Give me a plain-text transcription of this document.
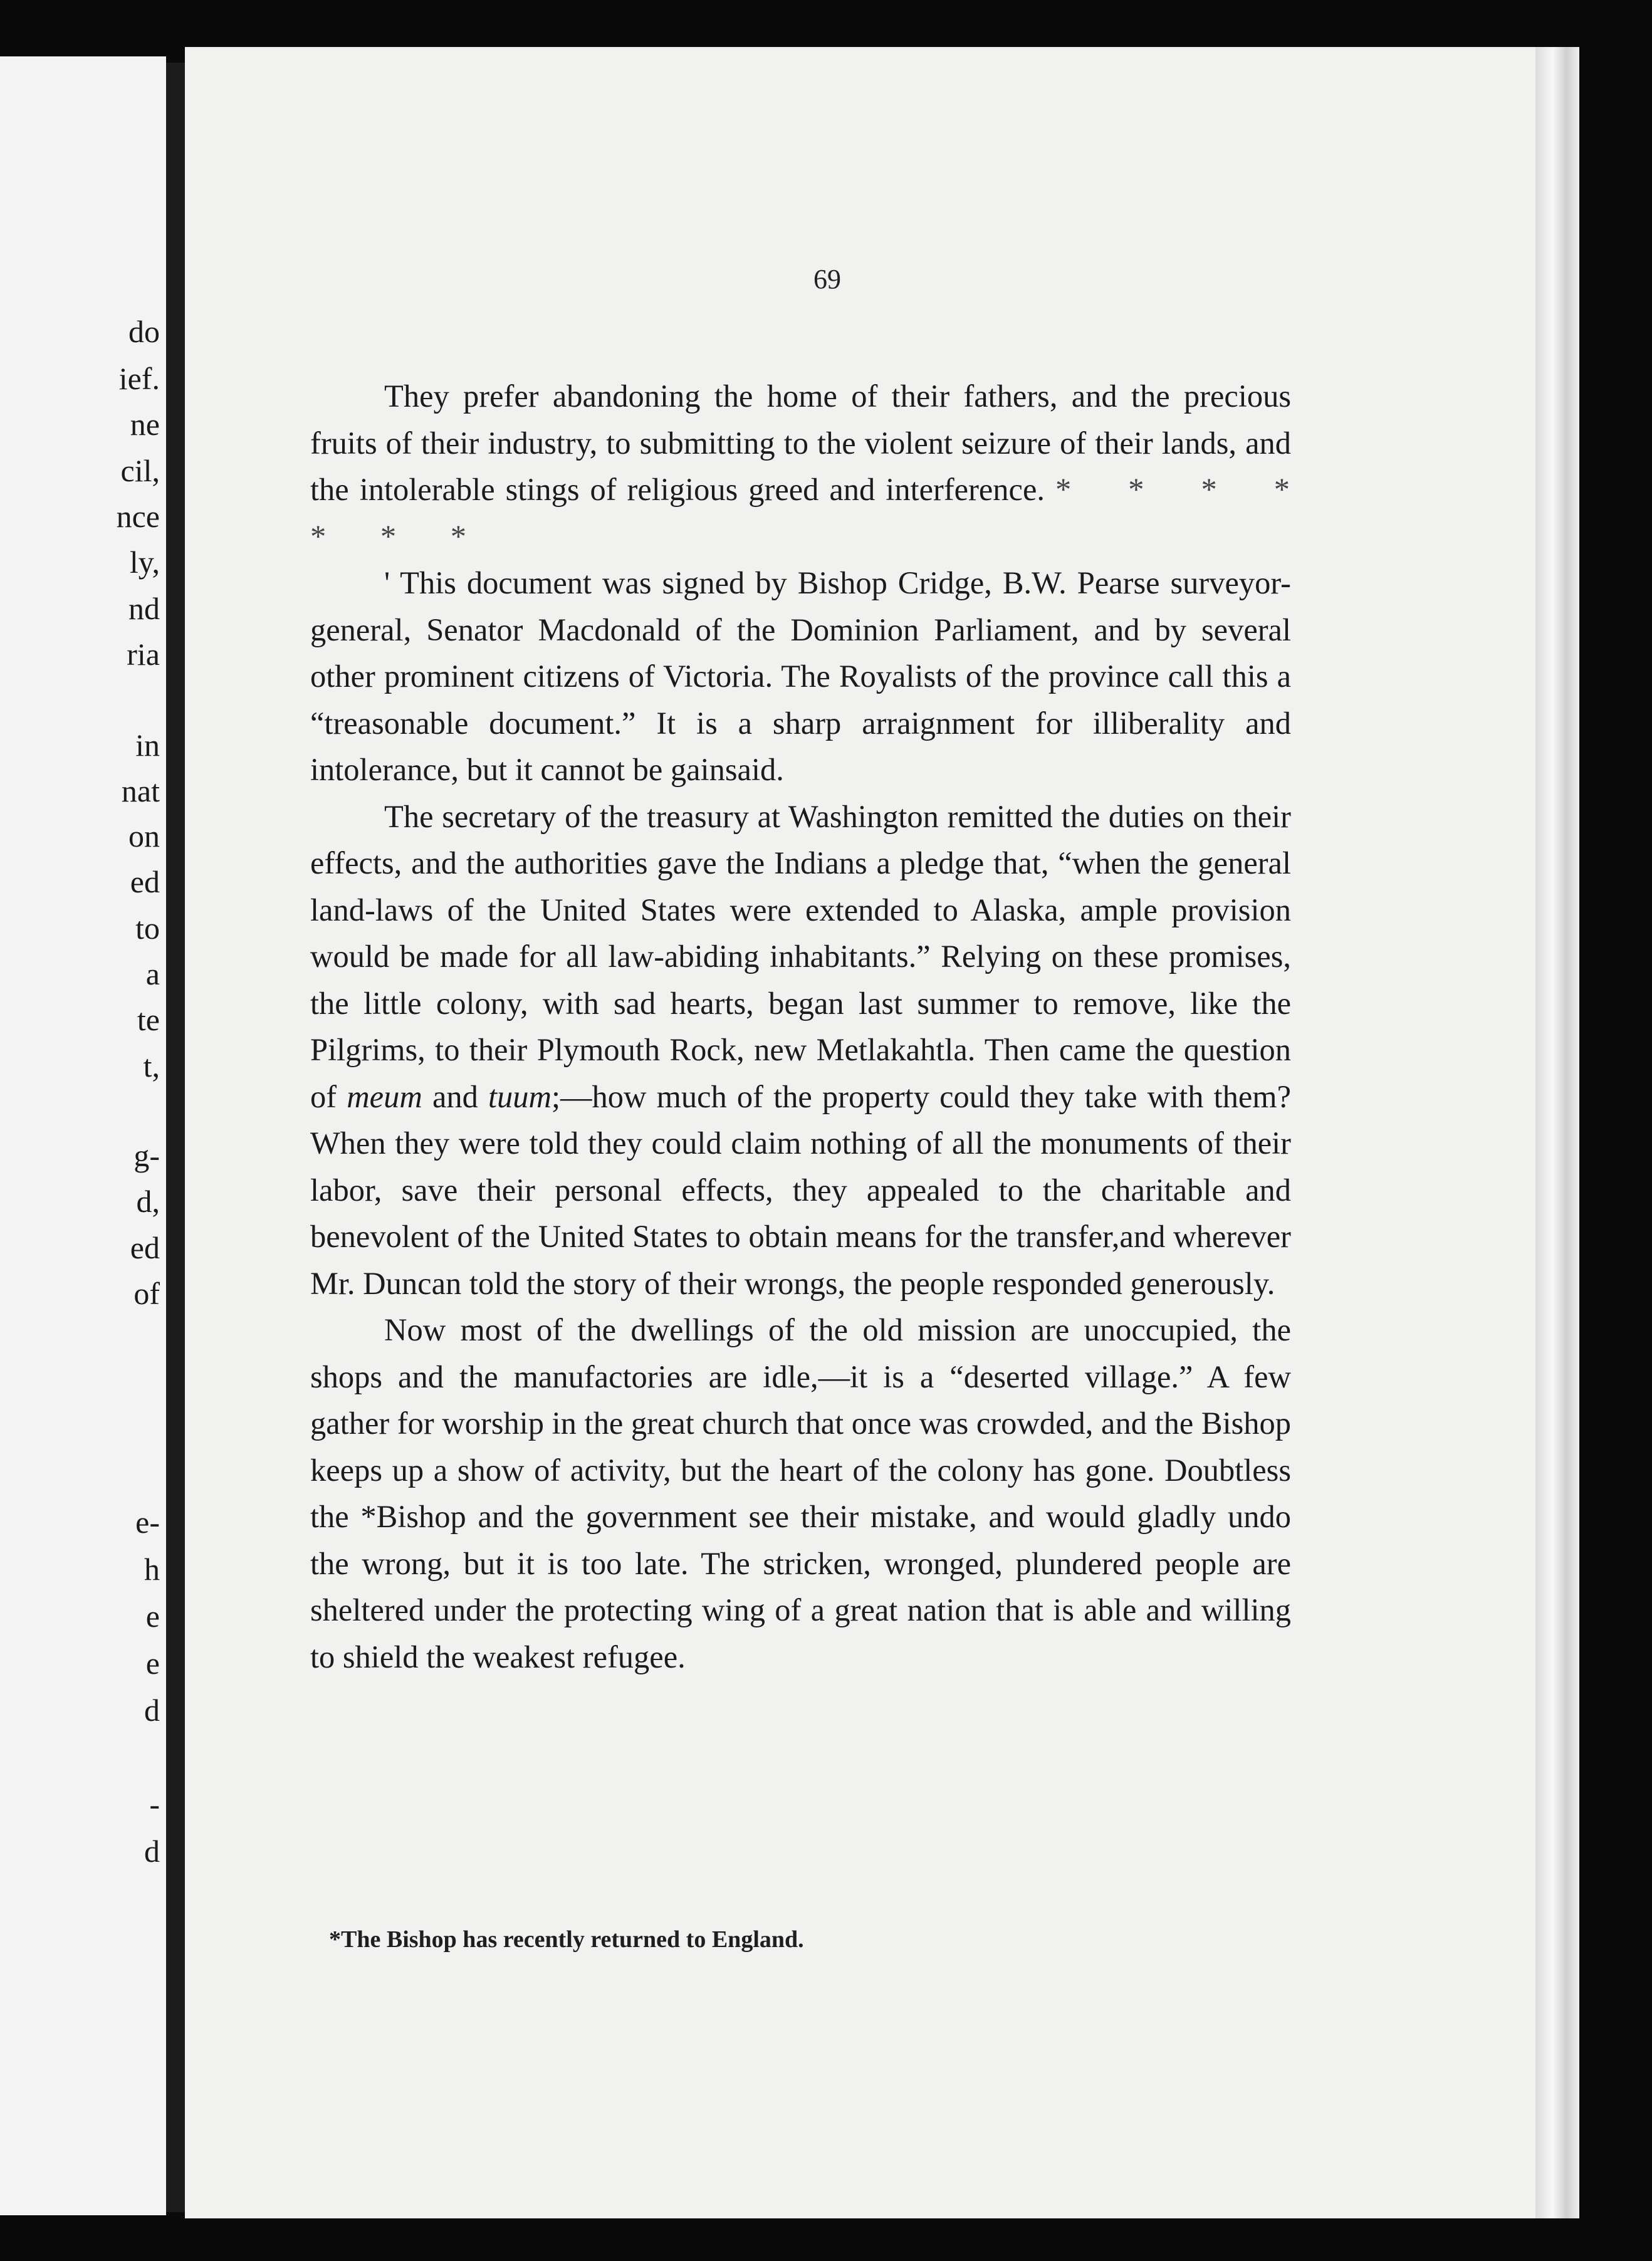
do
ief.
ne
cil,
nce
ly,
nd
ria
in
nat
on
ed
to
a
te
t,
g-
d,
ed
of
e-
h
e
e
d
-
d
69

They prefer abandoning the home of their fathers, and the precious fruits of their industry, to submitting to the violent seizure of their lands, and the intolerable stings of religious greed and interference. * * * * * * *

' This document was signed by Bishop Cridge, B.W. Pearse surveyor-general, Senator Macdonald of the Dominion Parliament, and by several other prominent citizens of Victoria. The Royalists of the province call this a “treasonable document.” It is a sharp arraignment for illiberality and intolerance, but it cannot be gainsaid.

The secretary of the treasury at Washington remitted the duties on their effects, and the authorities gave the Indians a pledge that, “when the general land-laws of the United States were extended to Alaska, ample provision would be made for all law-abiding inhabitants.” Relying on these promises, the little colony, with sad hearts, began last summer to remove, like the Pilgrims, to their Plymouth Rock, new Metlakahtla. Then came the question of meum and tuum;—how much of the property could they take with them? When they were told they could claim nothing of all the monuments of their labor, save their personal effects, they appealed to the charitable and benevolent of the United States to obtain means for the transfer,and wherever Mr. Duncan told the story of their wrongs, the people responded generously.

Now most of the dwellings of the old mission are unoccupied, the shops and the manufactories are idle,—it is a “deserted village.” A few gather for worship in the great church that once was crowded, and the Bishop keeps up a show of activity, but the heart of the colony has gone. Doubtless the *Bishop and the government see their mistake, and would gladly undo the wrong, but it is too late. The stricken, wronged, plundered people are sheltered under the protecting wing of a great nation that is able and willing to shield the weakest refugee.

*The Bishop has recently returned to England.
